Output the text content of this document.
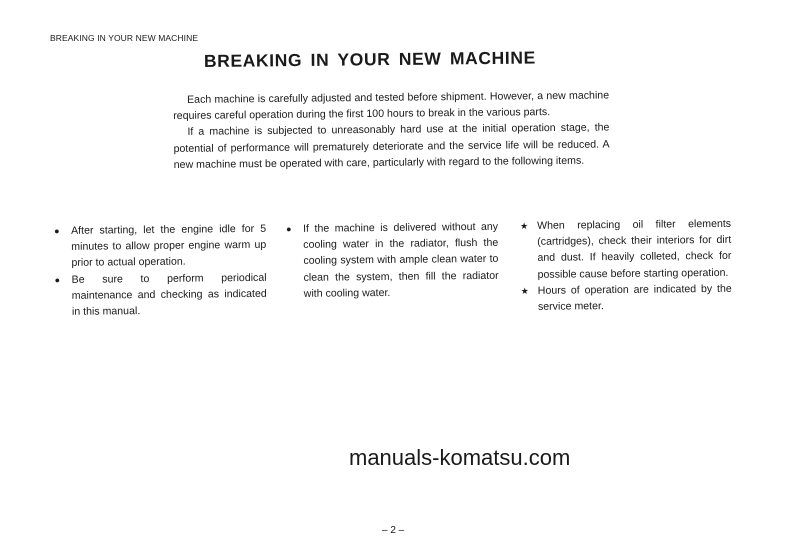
BREAKING IN YOUR NEW MACHINE
BREAKING IN YOUR NEW MACHINE

Each machine is carefully adjusted and tested before shipment. However, a new machine requires careful operation during the first 100 hours to break in the various parts.

If a machine is subjected to unreasonably hard use at the initial operation stage, the potential of performance will prematurely deteriorate and the service life will be reduced. A new machine must be operated with care, particularly with regard to the following items.

●	After starting, let the engine idle for 5 minutes to allow proper engine warm up prior to actual operation.
●	Be sure to perform periodical maintenance and checking as indicated in this manual.
●	If the machine is delivered without any cooling water in the radiator, flush the cooling system with ample clean water to clean the system, then fill the radiator with cooling water.
★ When replacing oil filter elements (cartridges), check their interiors for dirt and dust. If heavily colleted, check for possible cause before starting operation.
★ Hours of operation are indicated by the service meter.
manuals-komatsu.com
– 2 –
